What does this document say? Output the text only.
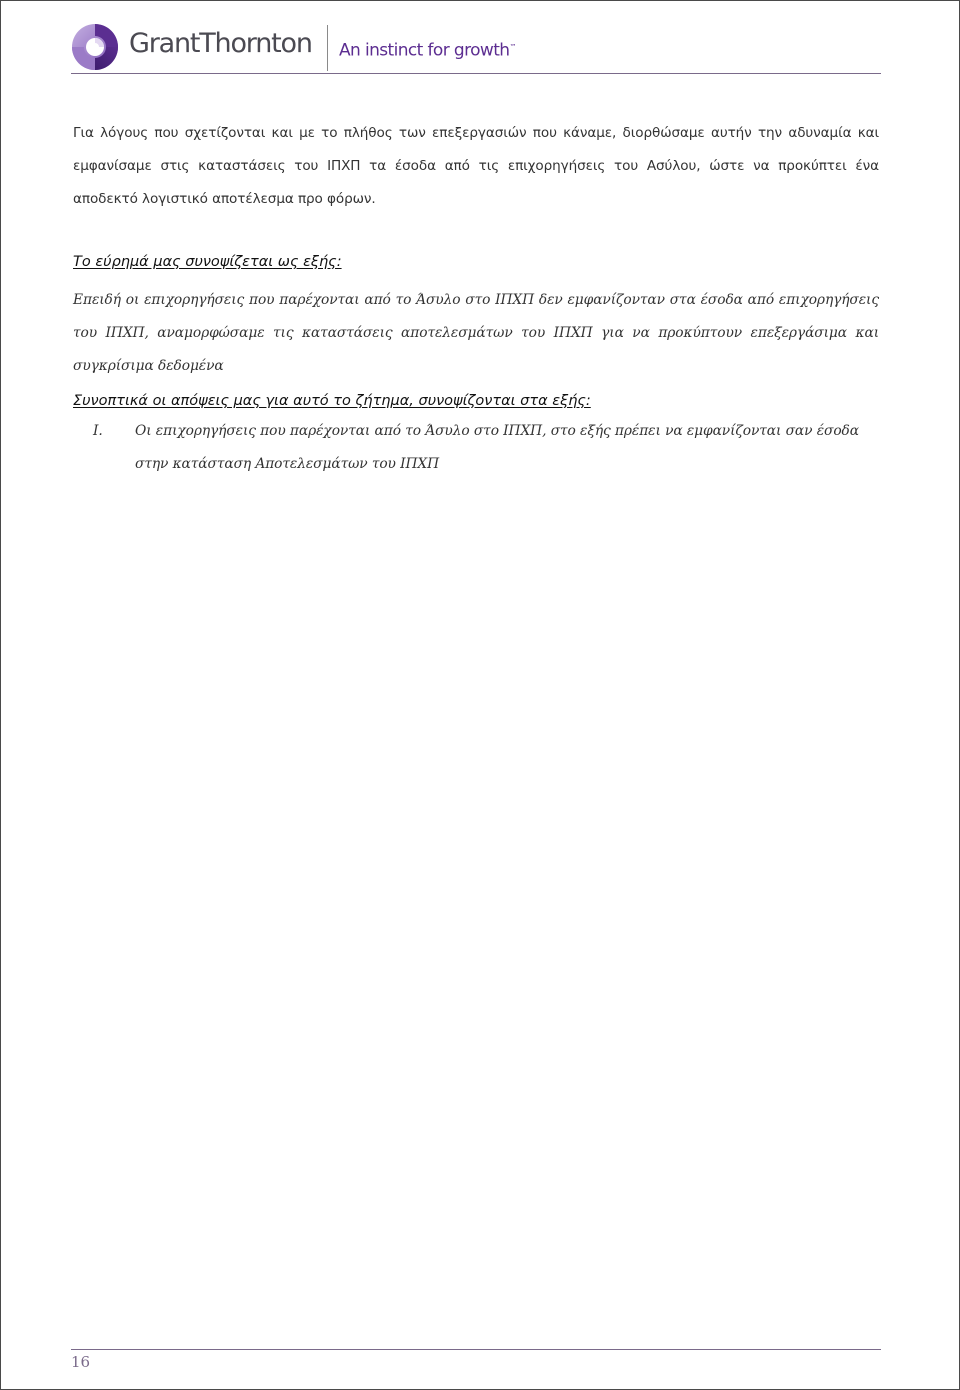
GrantThornton An instinct for growth™

Για λόγους που σχετίζονται και με το πλήθος των επεξεργασιών που κάναμε, διορθώσαμε αυτήν την αδυναμία και εμφανίσαμε στις καταστάσεις του ΙΠΧΠ τα έσοδα από τις επιχορηγήσεις του Ασύλου, ώστε να προκύπτει ένα αποδεκτό λογιστικό αποτέλεσμα προ φόρων.

Το εύρημά μας συνοψίζεται ως εξής:

Επειδή οι επιχορηγήσεις που παρέχονται από το Άσυλο στο ΙΠΧΠ δεν εμφανίζονταν στα έσοδα από επιχορηγήσεις του ΙΠΧΠ, αναμορφώσαμε τις καταστάσεις αποτελεσμάτων του ΙΠΧΠ για να προκύπτουν επεξεργάσιμα και συγκρίσιμα δεδομένα

Συνοπτικά οι απόψεις μας για αυτό το ζήτημα, συνοψίζονται στα εξής:

I. Οι επιχορηγήσεις που παρέχονται από το Άσυλο στο ΙΠΧΠ, στο εξής πρέπει να εμφανίζονται σαν έσοδα στην κατάσταση Αποτελεσμάτων του ΙΠΧΠ
16
